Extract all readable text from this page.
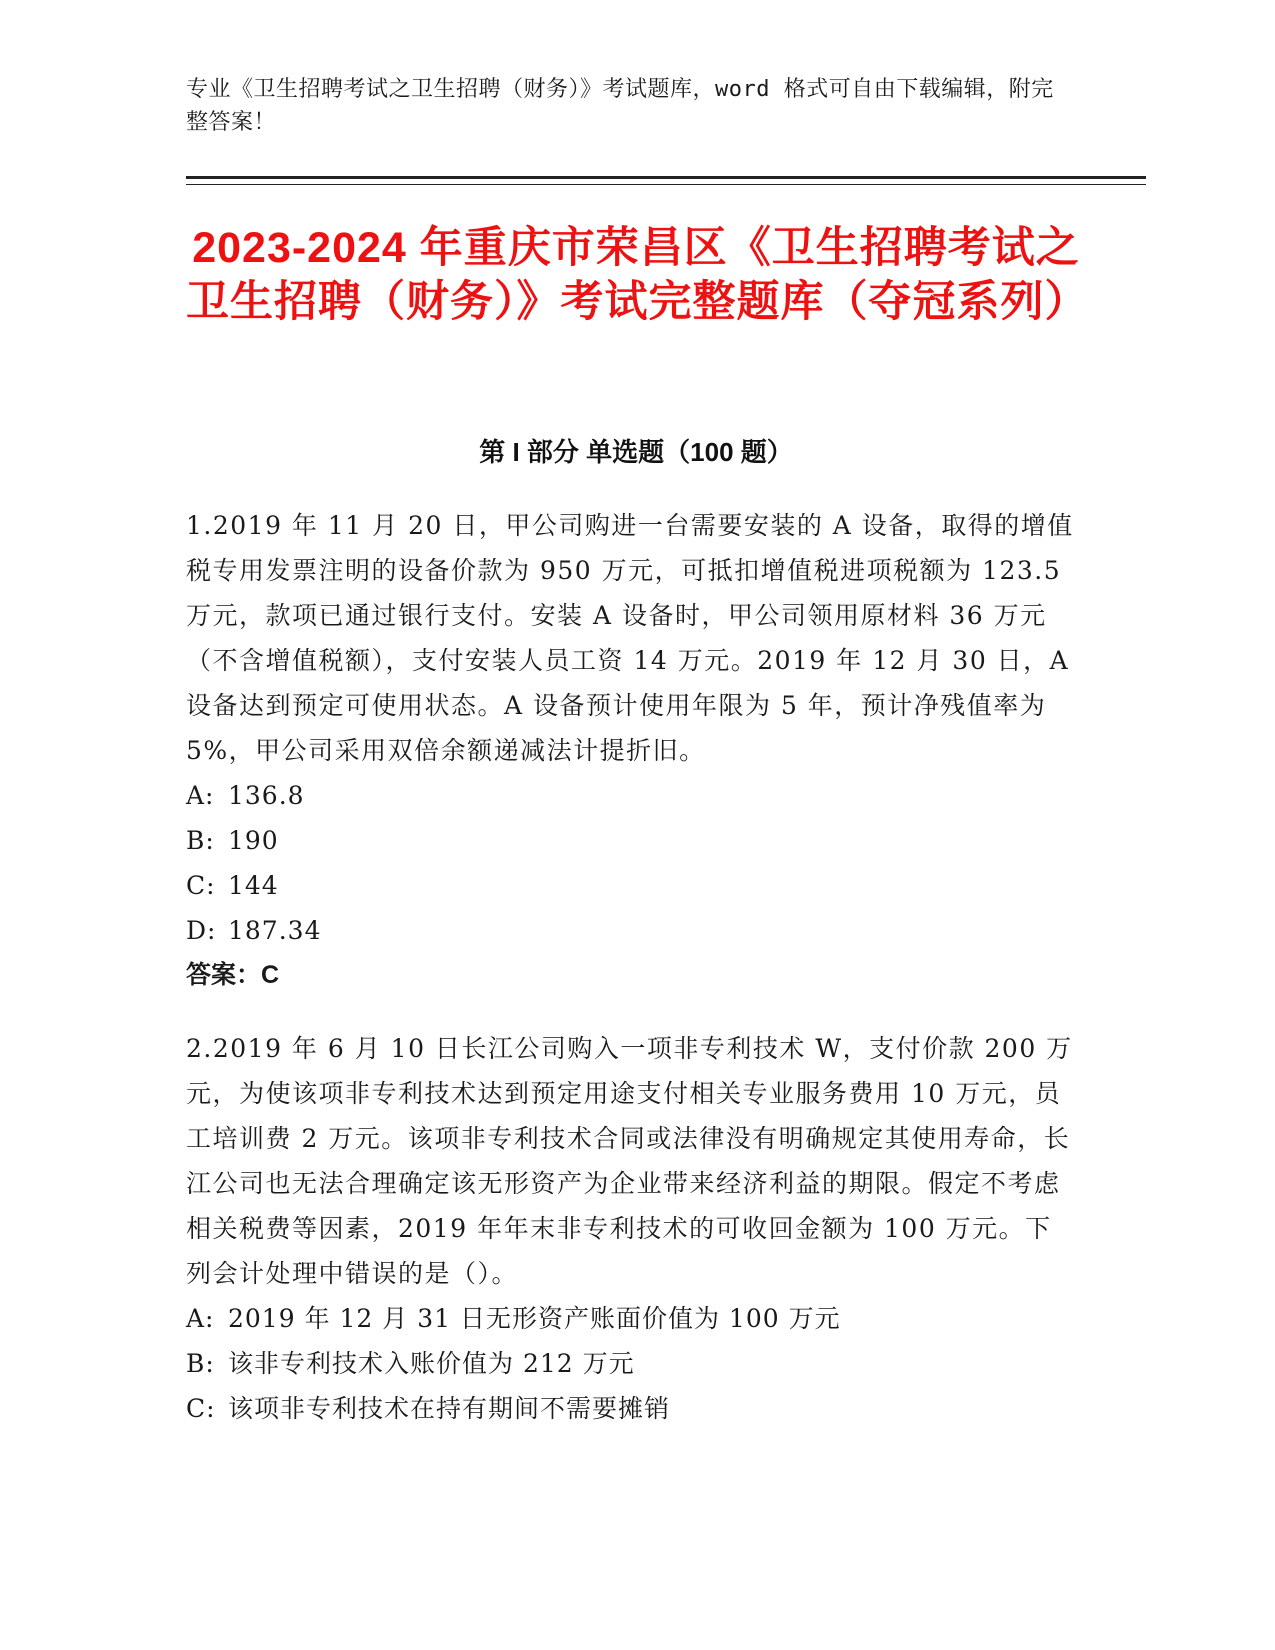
专业《卫生招聘考试之卫生招聘（财务）》考试题库，word 格式可自由下载编辑，附完整答案！
2023-2024 年重庆市荣昌区《卫生招聘考试之卫生招聘（财务）》考试完整题库（夺冠系列）
第 I 部分 单选题（100 题）
1.2019 年 11 月 20 日，甲公司购进一台需要安装的 A 设备，取得的增值税专用发票注明的设备价款为 950 万元，可抵扣增值税进项税额为 123.5 万元，款项已通过银行支付。安装 A 设备时，甲公司领用原材料 36 万元（不含增值税额），支付安装人员工资 14 万元。2019 年 12 月 30 日，A 设备达到预定可使用状态。A 设备预计使用年限为 5 年，预计净残值率为 5%，甲公司采用双倍余额递减法计提折旧。
A: 136.8
B: 190
C: 144
D: 187.34
答案：C
2.2019 年 6 月 10 日长江公司购入一项非专利技术 W，支付价款 200 万元，为使该项非专利技术达到预定用途支付相关专业服务费用 10 万元，员工培训费 2 万元。该项非专利技术合同或法律没有明确规定其使用寿命，长江公司也无法合理确定该无形资产为企业带来经济利益的期限。假定不考虑相关税费等因素，2019 年年末非专利技术的可收回金额为 100 万元。下列会计处理中错误的是（）。
A: 2019 年 12 月 31 日无形资产账面价值为 100 万元
B: 该非专利技术入账价值为 212 万元
C: 该项非专利技术在持有期间不需要摊销
